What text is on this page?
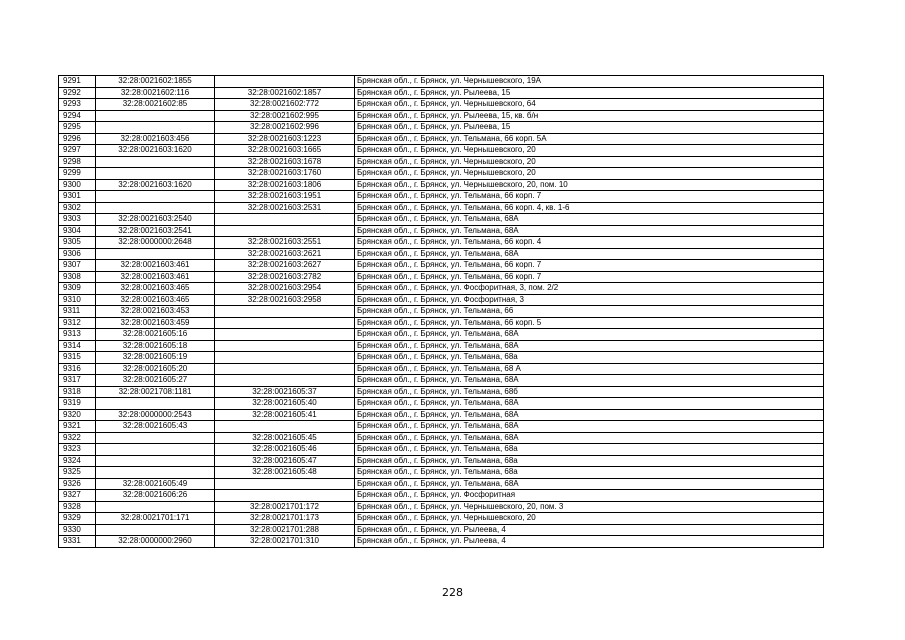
9291	32:28:0021602:1855		Брянская обл., г. Брянск, ул. Чернышевского, 19А
9292	32:28:0021602:116	32:28:0021602:1857	Брянская обл., г. Брянск, ул. Рылеева, 15
9293	32:28:0021602:85	32:28:0021602:772	Брянская обл., г. Брянск, ул. Чернышевского, 64
9294		32:28:0021602:995	Брянская обл., г. Брянск, ул. Рылеева, 15, кв. б/н
9295		32:28:0021602:996	Брянская обл., г. Брянск, ул. Рылеева, 15
9296	32:28:0021603:456	32:28:0021603:1223	Брянская обл., г. Брянск, ул. Тельмана, 66 корп. 5А
9297	32:28:0021603:1620	32:28:0021603:1665	Брянская обл., г. Брянск, ул. Чернышевского, 20
9298		32:28:0021603:1678	Брянская обл., г. Брянск, ул. Чернышевского, 20
9299		32:28:0021603:1760	Брянская обл., г. Брянск, ул. Чернышевского, 20
9300	32:28:0021603:1620	32:28:0021603:1806	Брянская обл., г. Брянск, ул. Чернышевского, 20, пом. 10
9301		32:28:0021603:1951	Брянская обл., г. Брянск, ул. Тельмана, 66 корп. 7
9302		32:28:0021603:2531	Брянская обл., г. Брянск, ул. Тельмана, 66 корп. 4, кв. 1-6
9303	32:28:0021603:2540		Брянская обл., г. Брянск, ул. Тельмана, 68А
9304	32:28:0021603:2541		Брянская обл., г. Брянск, ул. Тельмана, 68А
9305	32:28:0000000:2648	32:28:0021603:2551	Брянская обл., г. Брянск, ул. Тельмана, 66 корп. 4
9306		32:28:0021603:2621	Брянская обл., г. Брянск, ул. Тельмана, 68А
9307	32:28:0021603:461	32:28:0021603:2627	Брянская обл., г. Брянск, ул. Тельмана, 66 корп. 7
9308	32:28:0021603:461	32:28:0021603:2782	Брянская обл., г. Брянск, ул. Тельмана, 66 корп. 7
9309	32:28:0021603:465	32:28:0021603:2954	Брянская обл., г. Брянск, ул. Фосфоритная, 3, пом. 2/2
9310	32:28:0021603:465	32:28:0021603:2958	Брянская обл., г. Брянск, ул. Фосфоритная, 3
9311	32:28:0021603:453		Брянская обл., г. Брянск, ул. Тельмана, 66
9312	32:28:0021603:459		Брянская обл., г. Брянск, ул. Тельмана, 66 корп. 5
9313	32:28:0021605:16		Брянская обл., г. Брянск, ул. Тельмана, 68А
9314	32:28:0021605:18		Брянская обл., г. Брянск, ул. Тельмана, 68А
9315	32:28:0021605:19		Брянская обл., г. Брянск, ул. Тельмана, 68а
9316	32:28:0021605:20		Брянская обл., г. Брянск, ул. Тельмана, 68 А
9317	32:28:0021605:27		Брянская обл., г. Брянск, ул. Тельмана, 68А
9318	32:28:0021708:1181	32:28:0021605:37	Брянская обл., г. Брянск, ул. Тельмана, 68б
9319		32:28:0021605:40	Брянская обл., г. Брянск, ул. Тельмана, 68А
9320	32:28:0000000:2543	32:28:0021605:41	Брянская обл., г. Брянск, ул. Тельмана, 68А
9321	32:28:0021605:43		Брянская обл., г. Брянск, ул. Тельмана, 68А
9322		32:28:0021605:45	Брянская обл., г. Брянск, ул. Тельмана, 68А
9323		32:28:0021605:46	Брянская обл., г. Брянск, ул. Тельмана, 68а
9324		32:28:0021605:47	Брянская обл., г. Брянск, ул. Тельмана, 68а
9325		32:28:0021605:48	Брянская обл., г. Брянск, ул. Тельмана, 68а
9326	32:28:0021605:49		Брянская обл., г. Брянск, ул. Тельмана, 68А
9327	32:28:0021606:26		Брянская обл., г. Брянск, ул. Фосфоритная
9328		32:28:0021701:172	Брянская обл., г. Брянск, ул. Чернышевского, 20, пом. 3
9329	32:28:0021701:171	32:28:0021701:173	Брянская обл., г. Брянск, ул. Чернышевского, 20
9330		32:28:0021701:288	Брянская обл., г. Брянск, ул. Рылеева, 4
9331	32:28:0000000:2960	32:28:0021701:310	Брянская обл., г. Брянск, ул. Рылеева, 4
228
